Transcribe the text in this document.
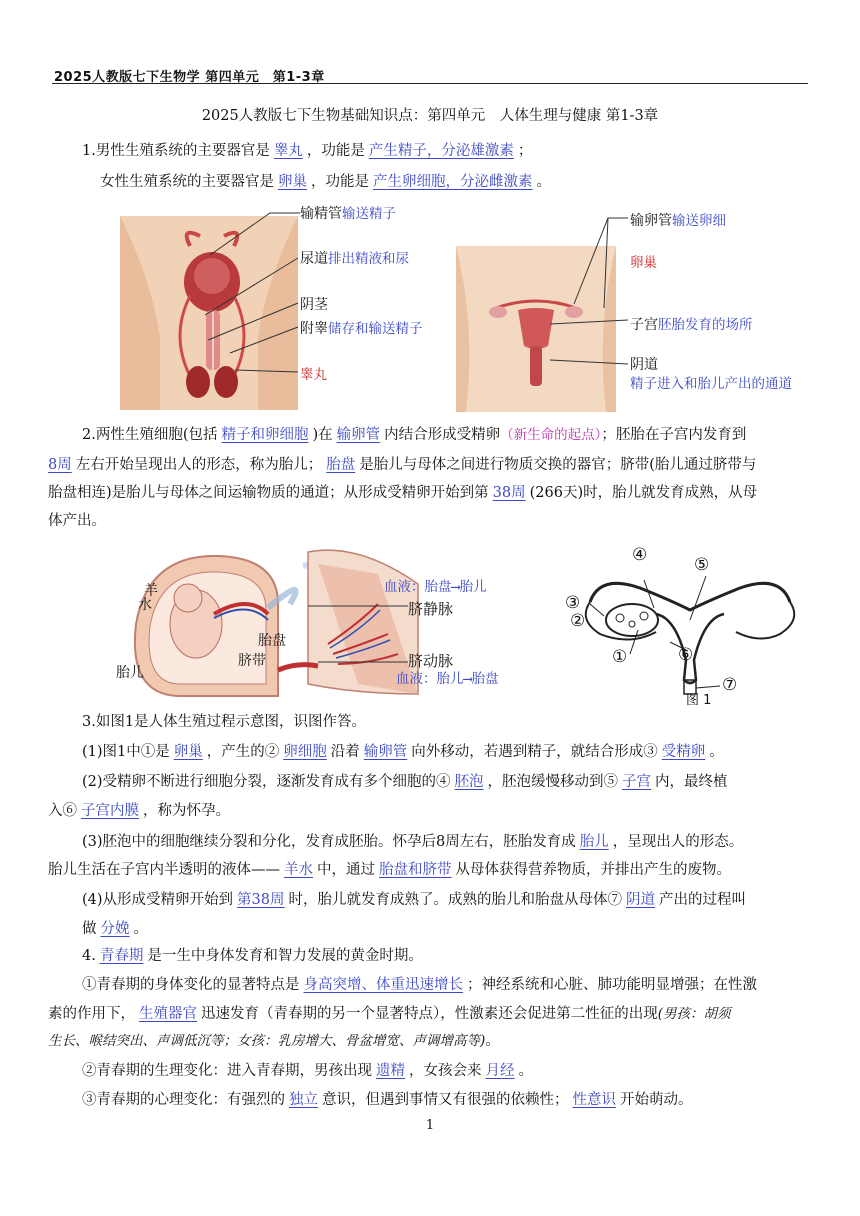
2025人教版七下生物学 第四单元　第1-3章
2025人教版七下生物基础知识点：第四单元　人体生理与健康 第1-3章
1.男性生殖系统的主要器官是 睾丸 ，功能是 产生精子，分泌雄激素 ；
女性生殖系统的主要器官是 卵巢 ，功能是 产生卵细胞，分泌雌激素 。
输精管输送精子
尿道排出精液和尿
阴茎
附睾储存和输送精子
睾丸
输卵管输送卵细
卵巢
子宫胚胎发育的场所
阴道
精子进入和胎儿产出的通道
2.两性生殖细胞(包括 精子和卵细胞 )在 输卵管 内结合形成受精卵（新生命的起点）；胚胎在子宫内发育到
8周 左右开始呈现出人的形态，称为胎儿； 胎盘 是胎儿与母体之间进行物质交换的器官；脐带(胎儿通过脐带与
胎盘相连)是胎儿与母体之间运输物质的通道；从形成受精卵开始到第 38周 (266天)时，胎儿就发育成熟，从母
体产出。
羊
水
胎盘
脐带
胎儿
血液：胎盘⟶胎儿
脐静脉
脐动脉
血液：胎儿⟶胎盘
④	⑤
③
②
①	⑥
⑦
图 1
3.如图1是人体生殖过程示意图，识图作答。
(1)图1中①是 卵巢 ，产生的② 卵细胞 沿着 输卵管 向外移动，若遇到精子，就结合形成③ 受精卵 。
(2)受精卵不断进行细胞分裂，逐渐发育成有多个细胞的④ 胚泡 ，胚泡缓慢移动到⑤ 子宫 内，最终植
入⑥ 子宫内膜 ，称为怀孕。
(3)胚泡中的细胞继续分裂和分化，发育成胚胎。怀孕后8周左右，胚胎发育成 胎儿 ，呈现出人的形态。
胎儿生活在子宫内半透明的液体—— 羊水 中，通过 胎盘和脐带 从母体获得营养物质，并排出产生的废物。
(4)从形成受精卵开始到 第38周 时，胎儿就发育成熟了。成熟的胎儿和胎盘从母体⑦ 阴道 产出的过程叫
做 分娩 。
4. 青春期 是一生中身体发育和智力发展的黄金时期。
①青春期的身体变化的显著特点是 身高突增、体重迅速增长 ；神经系统和心脏、肺功能明显增强；在性激
素的作用下， 生殖器官 迅速发育（青春期的另一个显著特点），性激素还会促进第二性征的出现(男孩：胡须
生长、喉结突出、声调低沉等；女孩：乳房增大、骨盆增宽、声调增高等)。
②青春期的生理变化：进入青春期，男孩出现 遗精 ，女孩会来 月经 。
③青春期的心理变化：有强烈的 独立 意识，但遇到事情又有很强的依赖性； 性意识 开始萌动。
1
